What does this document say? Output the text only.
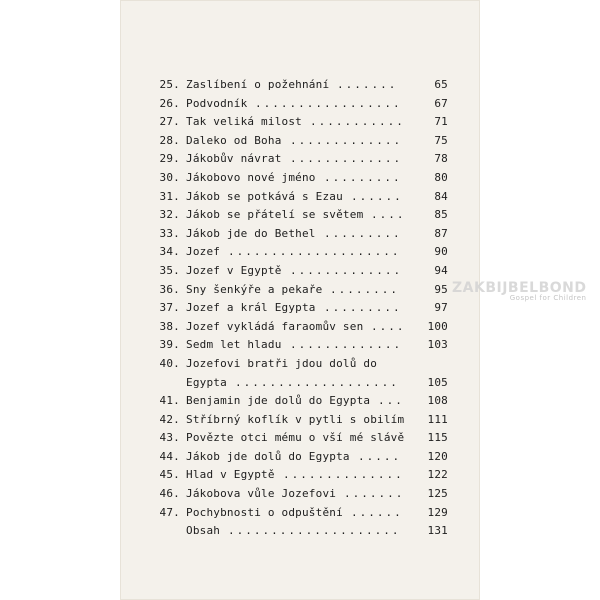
25. Zaslíbení o požehnání .......	65
26. Podvodník .................	67
27. Tak veliká milost ...........	71
28. Daleko od Boha .............	75
29. Jákobův návrat .............	78
30. Jákobovo nové jméno .........	80
31. Jákob se potkává s Ezau ......	84
32. Jákob se přátelí se světem ....	85
33. Jákob jde do Bethel .........	87
34. Jozef ....................	90
35. Jozef v Egyptě .............	94
36. Sny šenkýře a pekaře ........	95
37. Jozef a král Egypta .........	97
38. Jozef vykládá faraomův sen ....	100
39. Sedm let hladu .............	103
40. Jozefovi bratři jdou dolů do
Egypta ...................	105
41. Benjamin jde dolů do Egypta ...	108
42. Stříbrný koflík v pytli s obilím	111
43. Povězte otci mému o vší mé slávě	115
44. Jákob jde dolů do Egypta .....	120
45. Hlad v Egyptě ..............	122
46. Jákobova vůle Jozefovi .......	125
47. Pochybnosti o odpuštění ......	129
Obsah ....................	131
ZAKBIJBELBOND
Gospel for Children
